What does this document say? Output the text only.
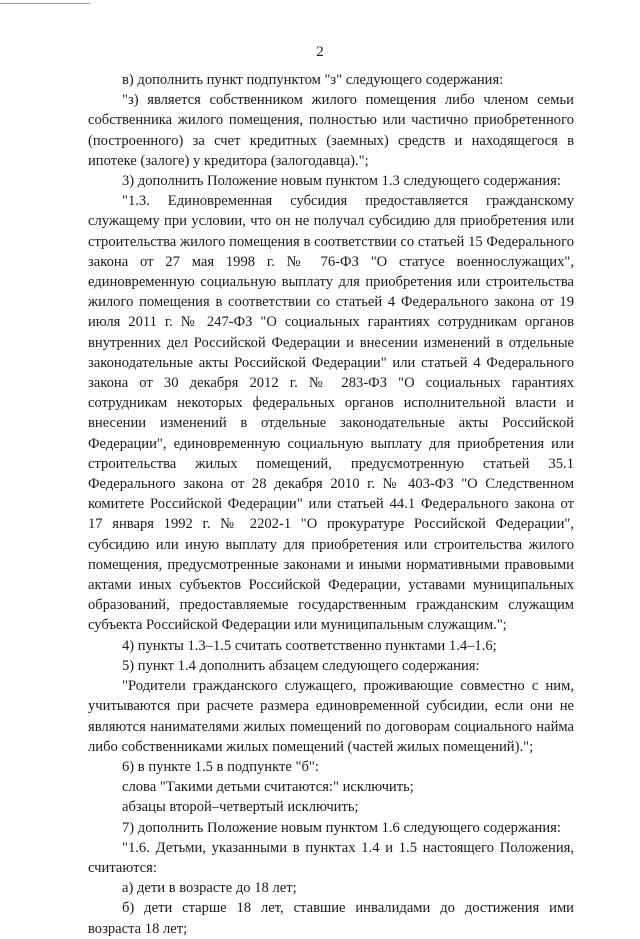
2

в) дополнить пункт подпунктом "з" следующего содержания:

"з) является собственником жилого помещения либо членом семьи собственника жилого помещения, полностью или частично приобретенного (построенного) за счет кредитных (заемных) средств и находящегося в ипотеке (залоге) у кредитора (залогодавца).";

3) дополнить Положение новым пунктом 1.3 следующего содержания:

"1.3. Единовременная субсидия предоставляется гражданскому служащему при условии, что он не получал субсидию для приобретения или строительства жилого помещения в соответствии со статьей 15 Федерального закона от 27 мая 1998 г. № 76-ФЗ "О статусе военнослужащих", единовременную социальную выплату для приобретения или строительства жилого помещения в соответствии со статьей 4 Федерального закона от 19 июля 2011 г. № 247-ФЗ "О социальных гарантиях сотрудникам органов внутренних дел Российской Федерации и внесении изменений в отдельные законодательные акты Российской Федерации" или статьей 4 Федерального закона от 30 декабря 2012 г. № 283-ФЗ "О социальных гарантиях сотрудникам некоторых федеральных органов исполнительной власти и внесении изменений в отдельные законодательные акты Российской Федерации", единовременную социальную выплату для приобретения или строительства жилых помещений, предусмотренную статьей 35.1 Федерального закона от 28 декабря 2010 г. № 403-ФЗ "О Следственном комитете Российской Федерации" или статьей 44.1 Федерального закона от 17 января 1992 г. № 2202-1 "О прокуратуре Российской Федерации", субсидию или иную выплату для приобретения или строительства жилого помещения, предусмотренные законами и иными нормативными правовыми актами иных субъектов Российской Федерации, уставами муниципальных образований, предоставляемые государственным гражданским служащим субъекта Российской Федерации или муниципальным служащим.";

4) пункты 1.3–1.5 считать соответственно пунктами 1.4–1.6;

5) пункт 1.4 дополнить абзацем следующего содержания:

"Родители гражданского служащего, проживающие совместно с ним, учитываются при расчете размера единовременной субсидии, если они не являются нанимателями жилых помещений по договорам социального найма либо собственниками жилых помещений (частей жилых помещений).";

6) в пункте 1.5 в подпункте "б":

слова "Такими детьми считаются:" исключить;

абзацы второй–четвертый исключить;

7) дополнить Положение новым пунктом 1.6 следующего содержания:

"1.6. Детьми, указанными в пунктах 1.4 и 1.5 настоящего Положения, считаются:

а) дети в возрасте до 18 лет;

б) дети старше 18 лет, ставшие инвалидами до достижения ими возраста 18 лет;
